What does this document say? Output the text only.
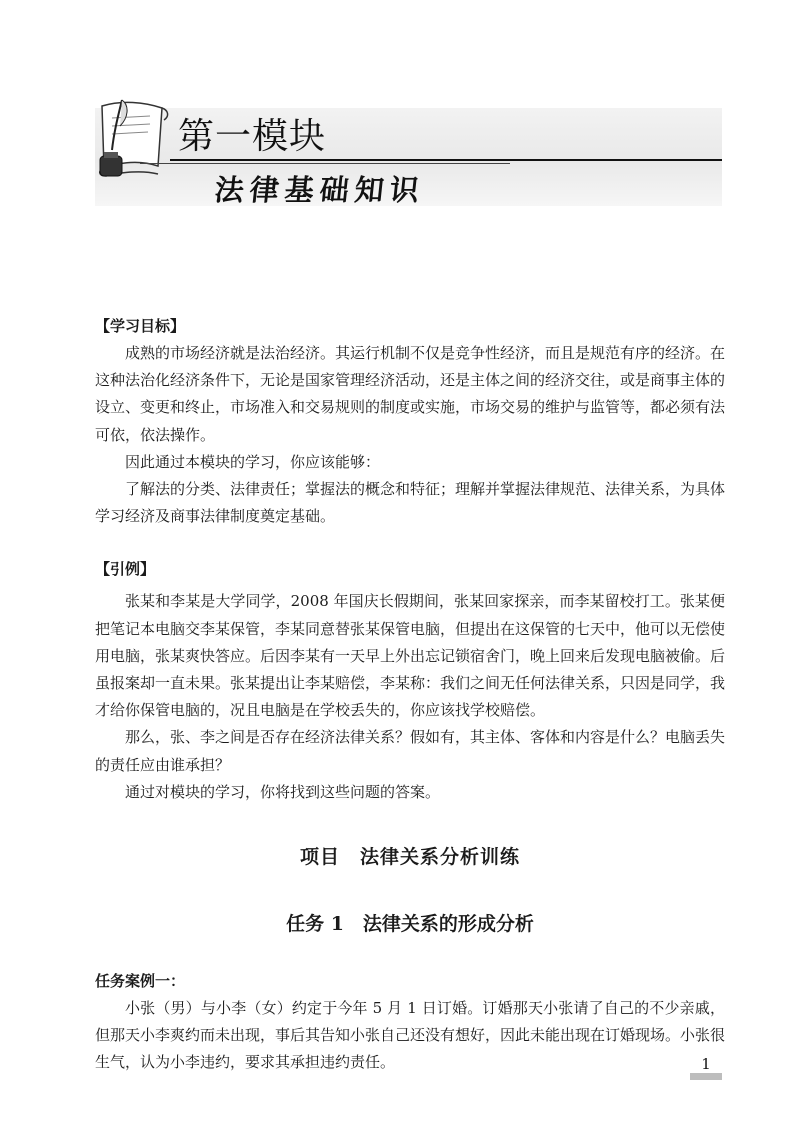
第一模块
法律基础知识

【学习目标】

成熟的市场经济就是法治经济。其运行机制不仅是竞争性经济，而且是规范有序的经济。在这种法治化经济条件下，无论是国家管理经济活动，还是主体之间的经济交往，或是商事主体的设立、变更和终止，市场准入和交易规则的制度或实施，市场交易的维护与监管等，都必须有法可依，依法操作。

因此通过本模块的学习，你应该能够：

了解法的分类、法律责任；掌握法的概念和特征；理解并掌握法律规范、法律关系，为具体学习经济及商事法律制度奠定基础。

【引例】

张某和李某是大学同学，2008 年国庆长假期间，张某回家探亲，而李某留校打工。张某便把笔记本电脑交李某保管，李某同意替张某保管电脑，但提出在这保管的七天中，他可以无偿使用电脑，张某爽快答应。后因李某有一天早上外出忘记锁宿舍门，晚上回来后发现电脑被偷。后虽报案却一直未果。张某提出让李某赔偿，李某称：我们之间无任何法律关系，只因是同学，我才给你保管电脑的，况且电脑是在学校丢失的，你应该找学校赔偿。

那么，张、李之间是否存在经济法律关系？假如有，其主体、客体和内容是什么？电脑丢失的责任应由谁承担？

通过对模块的学习，你将找到这些问题的答案。

项目　法律关系分析训练
任务 1　法律关系的形成分析

任务案例一：

小张（男）与小李（女）约定于今年 5 月 1 日订婚。订婚那天小张请了自己的不少亲戚，但那天小李爽约而未出现，事后其告知小张自己还没有想好，因此未能出现在订婚现场。小张很生气，认为小李违约，要求其承担违约责任。	1
